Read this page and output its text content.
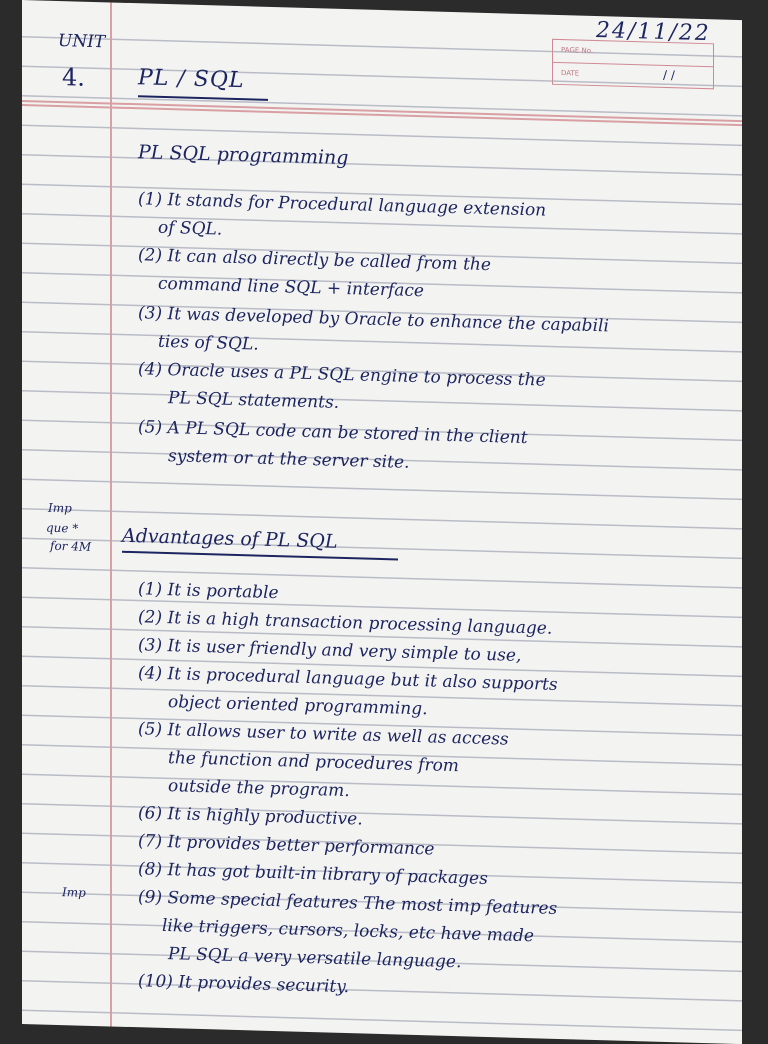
PAGE No.
DATE	/ /
24/11/22
UNIT
4. PL / SQL
PL SQL programming
(1) It stands for Procedural language extension
of SQL.
(2) It can also directly be called from the
command line SQL + interface
(3) It was developed by Oracle to enhance the capabili
ties of SQL.
(4) Oracle uses a PL SQL engine to process the
PL SQL statements.
(5) A PL SQL code can be stored in the client
system or at the server site.
Imp
que *
for 4M Advantages of PL SQL
(1) It is portable
(2) It is a high transaction processing language.
(3) It is user friendly and very simple to use,
(4) It is procedural language but it also supports
object oriented programming.
(5) It allows user to write as well as access
the function and procedures from
outside the program.
(6) It is highly productive.
(7) It provides better performance
(8) It has got built-in library of packages
(9) Some special features The most imp features
like triggers, cursors, locks, etc have made
PL SQL a very versatile language.
(10) It provides security.
Imp
